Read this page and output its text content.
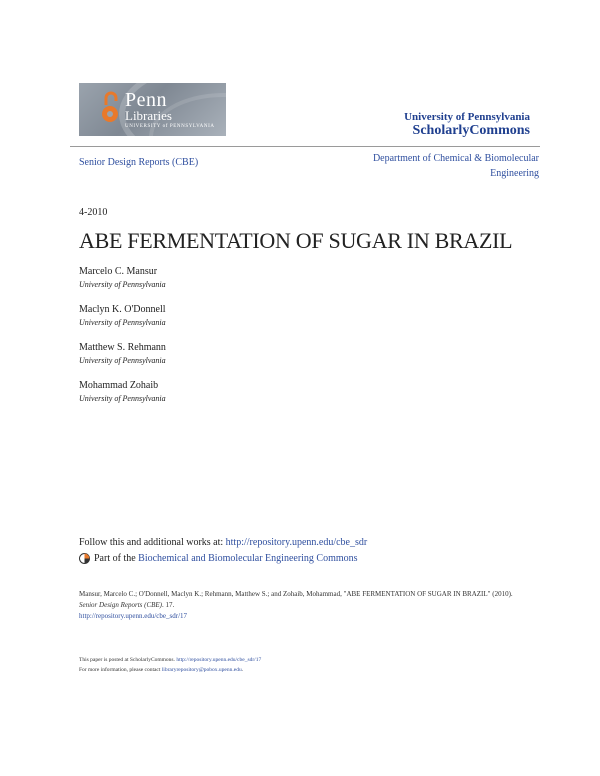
Penn
Libraries
UNIVERSITY of PENNSYLVANIA
University of Pennsylvania
ScholarlyCommons
Senior Design Reports (CBE)	Department of Chemical & Biomolecular Engineering
4-2010
ABE FERMENTATION OF SUGAR IN BRAZIL
Marcelo C. Mansur
University of Pennsylvania
Maclyn K. O'Donnell
University of Pennsylvania
Matthew S. Rehmann
University of Pennsylvania
Mohammad Zohaib
University of Pennsylvania
Follow this and additional works at: http://repository.upenn.edu/cbe_sdr
Part of the
Biochemical and Biomolecular Engineering Commons
Mansur, Marcelo C.; O'Donnell, Maclyn K.; Rehmann, Matthew S.; and Zohaib, Mohammad, "ABE FERMENTATION OF SUGAR IN BRAZIL" (2010). Senior Design Reports (CBE). 17.
http://repository.upenn.edu/cbe_sdr/17
This paper is posted at ScholarlyCommons. http://repository.upenn.edu/cbe_sdr/17
For more information, please contact libraryrepository@pobox.upenn.edu.
